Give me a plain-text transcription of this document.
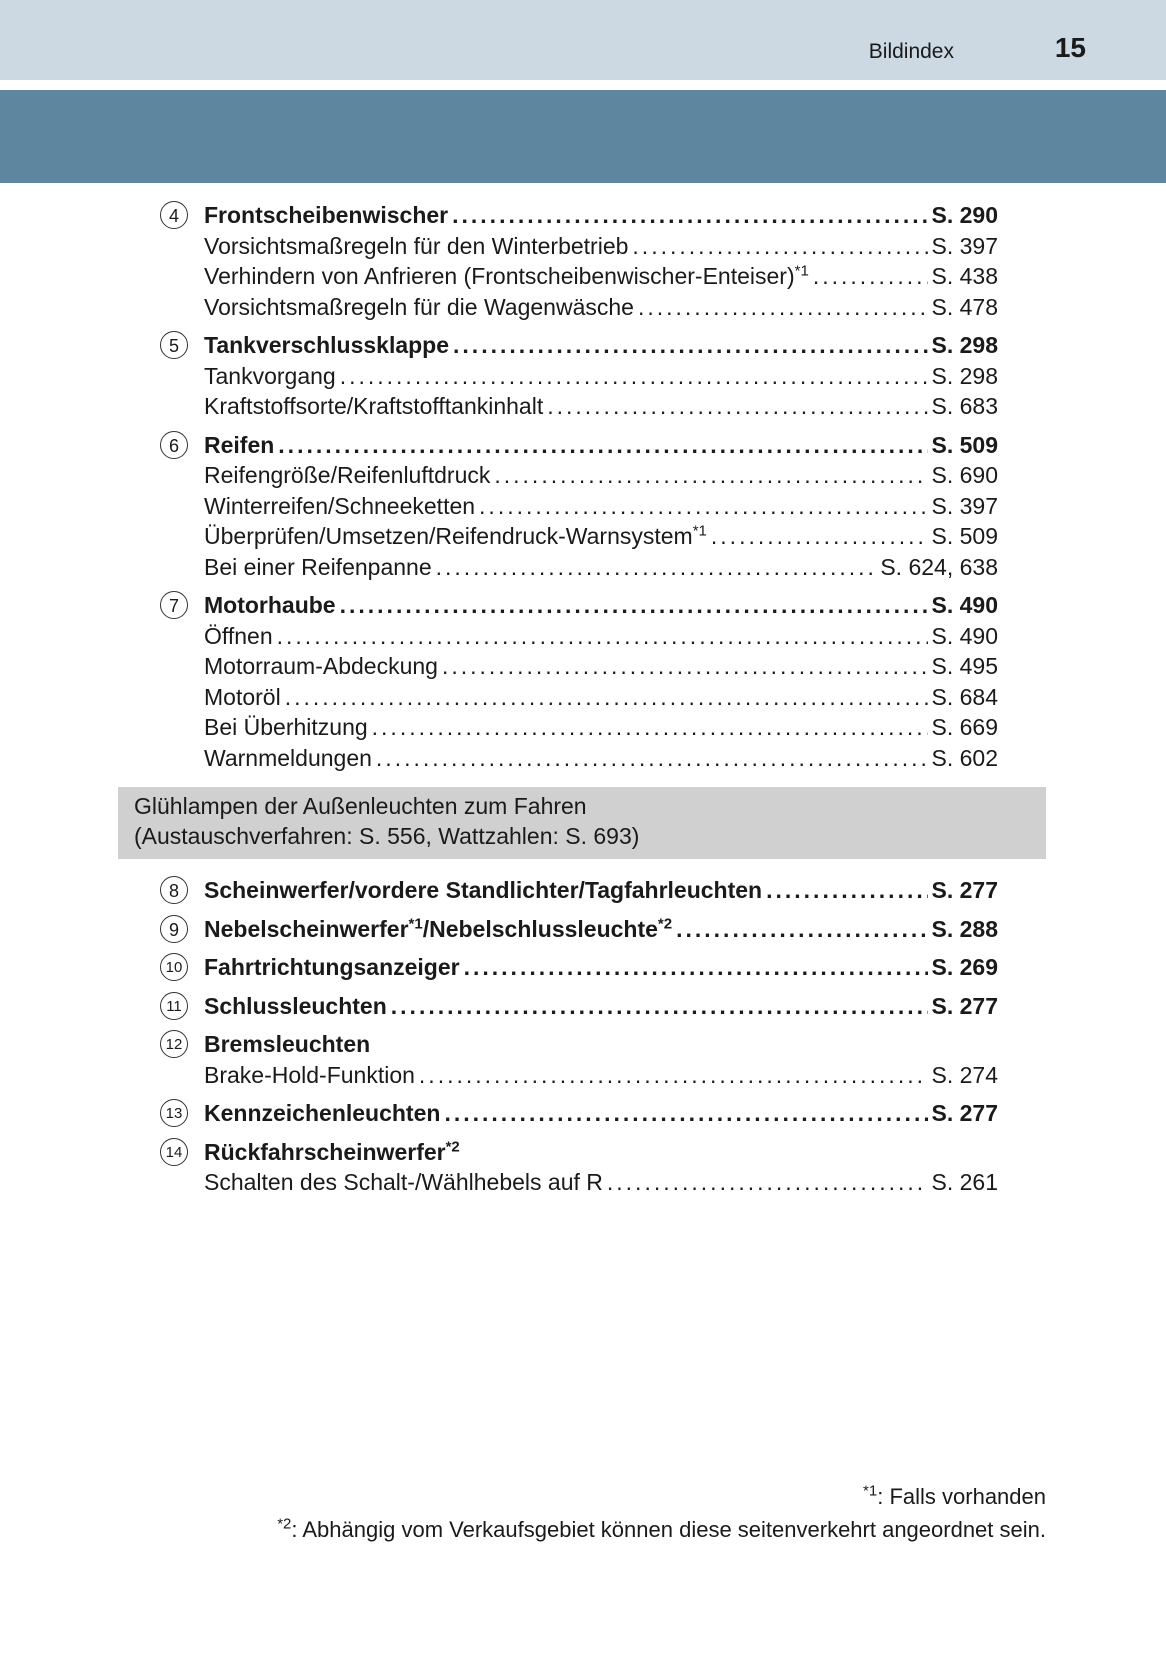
Bildindex	15
4	Frontscheibenwischer .....	S. 290
Vorsichtsmaßregeln für den Winterbetrieb .....	S. 397
Verhindern von Anfrieren (Frontscheibenwischer-Enteiser)$^{*1}$ .....	S. 438
Vorsichtsmaßregeln für die Wagenwäsche .....	S. 478
5	Tankverschlussklappe .....	S. 298
Tankvorgang .....	S. 298
Kraftstoffsorte/Kraftstofftankinhalt .....	S. 683
6	Reifen .....	S. 509
Reifengröße/Reifenluftdruck .....	S. 690
Winterreifen/Schneeketten .....	S. 397
Überprüfen/Umsetzen/Reifendruck-Warnsystem$^{*1}$ .....	S. 509
Bei einer Reifenpanne .....	S. 624, 638
7	Motorhaube .....	S. 490
Öffnen .....	S. 490
Motorraum-Abdeckung .....	S. 495
Motoröl .....	S. 684
Bei Überhitzung .....	S. 669
Warnmeldungen .....	S. 602
Glühlampen der Außenleuchten zum Fahren
(Austauschverfahren: S. 556, Wattzahlen: S. 693)
8	Scheinwerfer/vordere Standlichter/Tagfahrleuchten .....	S. 277
9	Nebelscheinwerfer$^{*1}$/Nebelschlussleuchte$^{*2}$ .....	S. 288
10 Fahrtrichtungsanzeiger .....	S. 269
11 Schlussleuchten .....	S. 277
12 Bremsleuchten
Brake-Hold-Funktion .....	S. 274
13 Kennzeichenleuchten .....	S. 277
14 Rückfahrscheinwerfer$^{*2}$
Schalten des Schalt-/Wählhebels auf R .....	S. 261
$^{*1}$: Falls vorhanden
$^{*2}$: Abhängig vom Verkaufsgebiet können diese seitenverkehrt angeordnet sein.
